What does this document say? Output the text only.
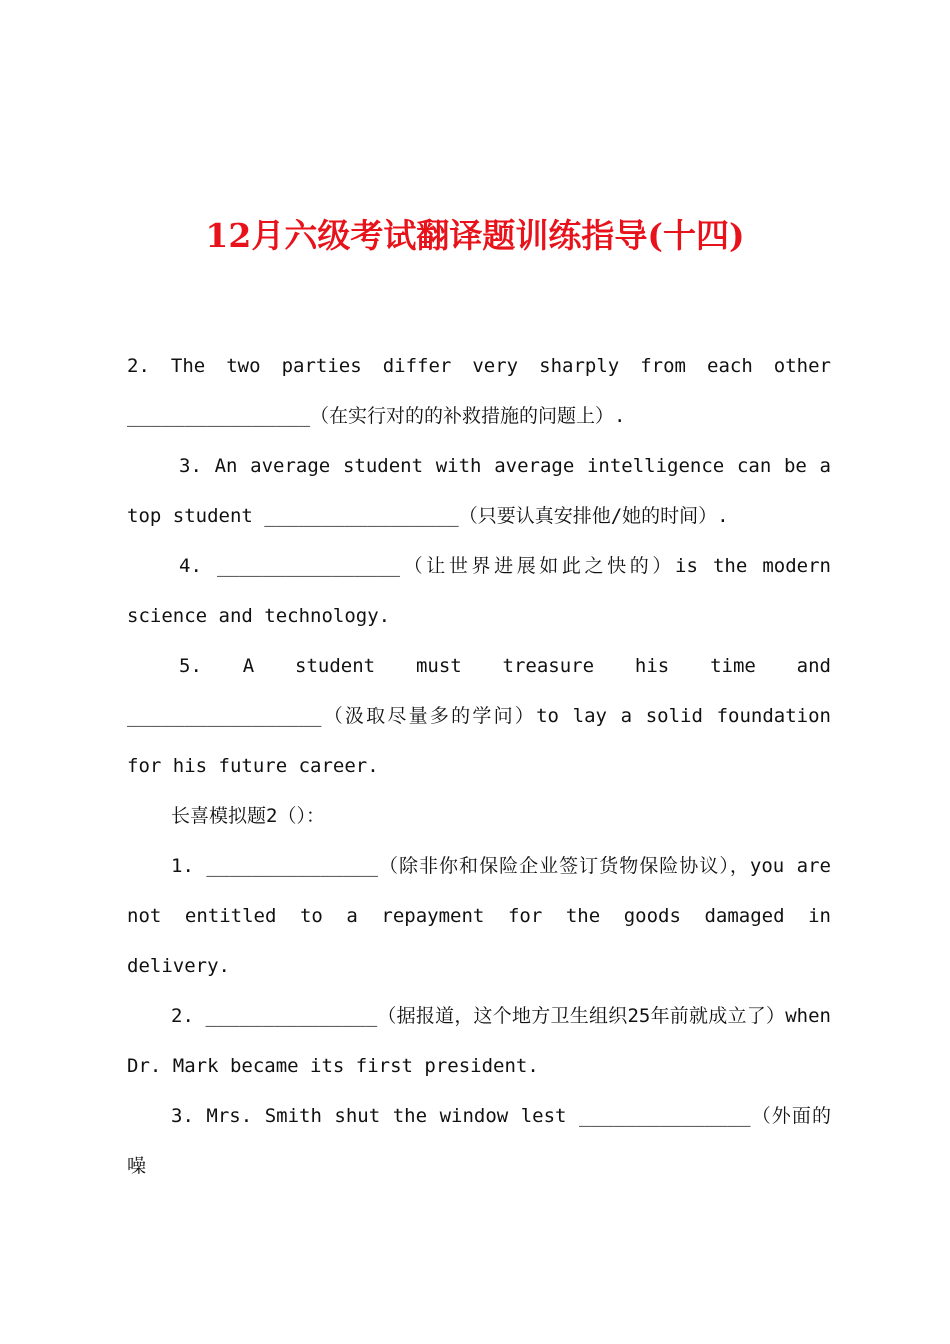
12月六级考试翻译题训练指导(十四)

2. The two parties differ very sharply from each other ________________（在实行对的的补救措施的问题上）.

3. An average student with average intelligence can be a top student _________________（只要认真安排他/她的时间）.

4. ________________（让世界进展如此之快的）is the modern science and technology.

5. A student must treasure his time and _________________（汲取尽量多的学问）to lay a solid foundation for his future career.

长喜模拟题2（）：

1. _______________（除非你和保险企业签订货物保险协议），you are not entitled to a repayment for the goods damaged in delivery.

2. _______________（据报道，这个地方卫生组织25年前就成立了）when Dr. Mark became its first president.

3. Mrs. Smith shut the window lest _______________（外面的噪
